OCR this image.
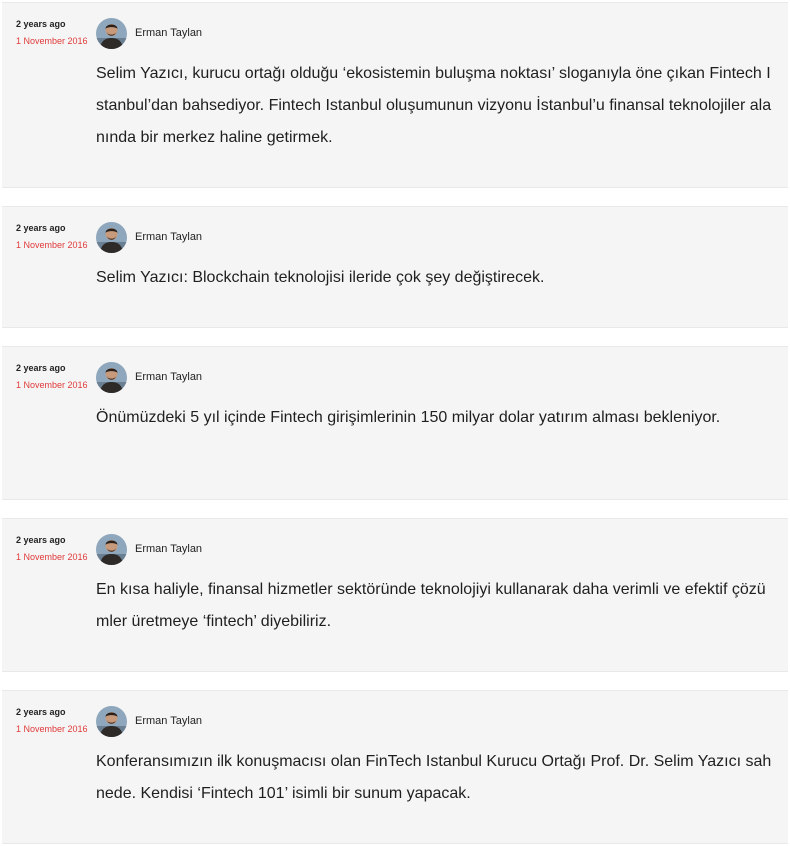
2 years ago
1 November 2016
Erman Taylan

Selim Yazıcı, kurucu ortağı olduğu ‘ekosistemin buluşma noktası’ sloganıyla öne çıkan Fintech Istanbul’dan bahsediyor. Fintech Istanbul oluşumunun vizyonu İstanbul’u finansal teknolojiler alanında bir merkez haline getirmek.

2 years ago
1 November 2016
Erman Taylan

Selim Yazıcı: Blockchain teknolojisi ileride çok şey değiştirecek.

2 years ago
1 November 2016
Erman Taylan

Önümüzdeki 5 yıl içinde Fintech girişimlerinin 150 milyar dolar yatırım alması bekleniyor.

2 years ago
1 November 2016
Erman Taylan

En kısa haliyle, finansal hizmetler sektöründe teknolojiyi kullanarak daha verimli ve efektif çözümler üretmeye ‘fintech’ diyebiliriz.

2 years ago
1 November 2016
Erman Taylan

Konferansımızın ilk konuşmacısı olan FinTech Istanbul Kurucu Ortağı Prof. Dr. Selim Yazıcı sahnede. Kendisi ‘Fintech 101’ isimli bir sunum yapacak.
